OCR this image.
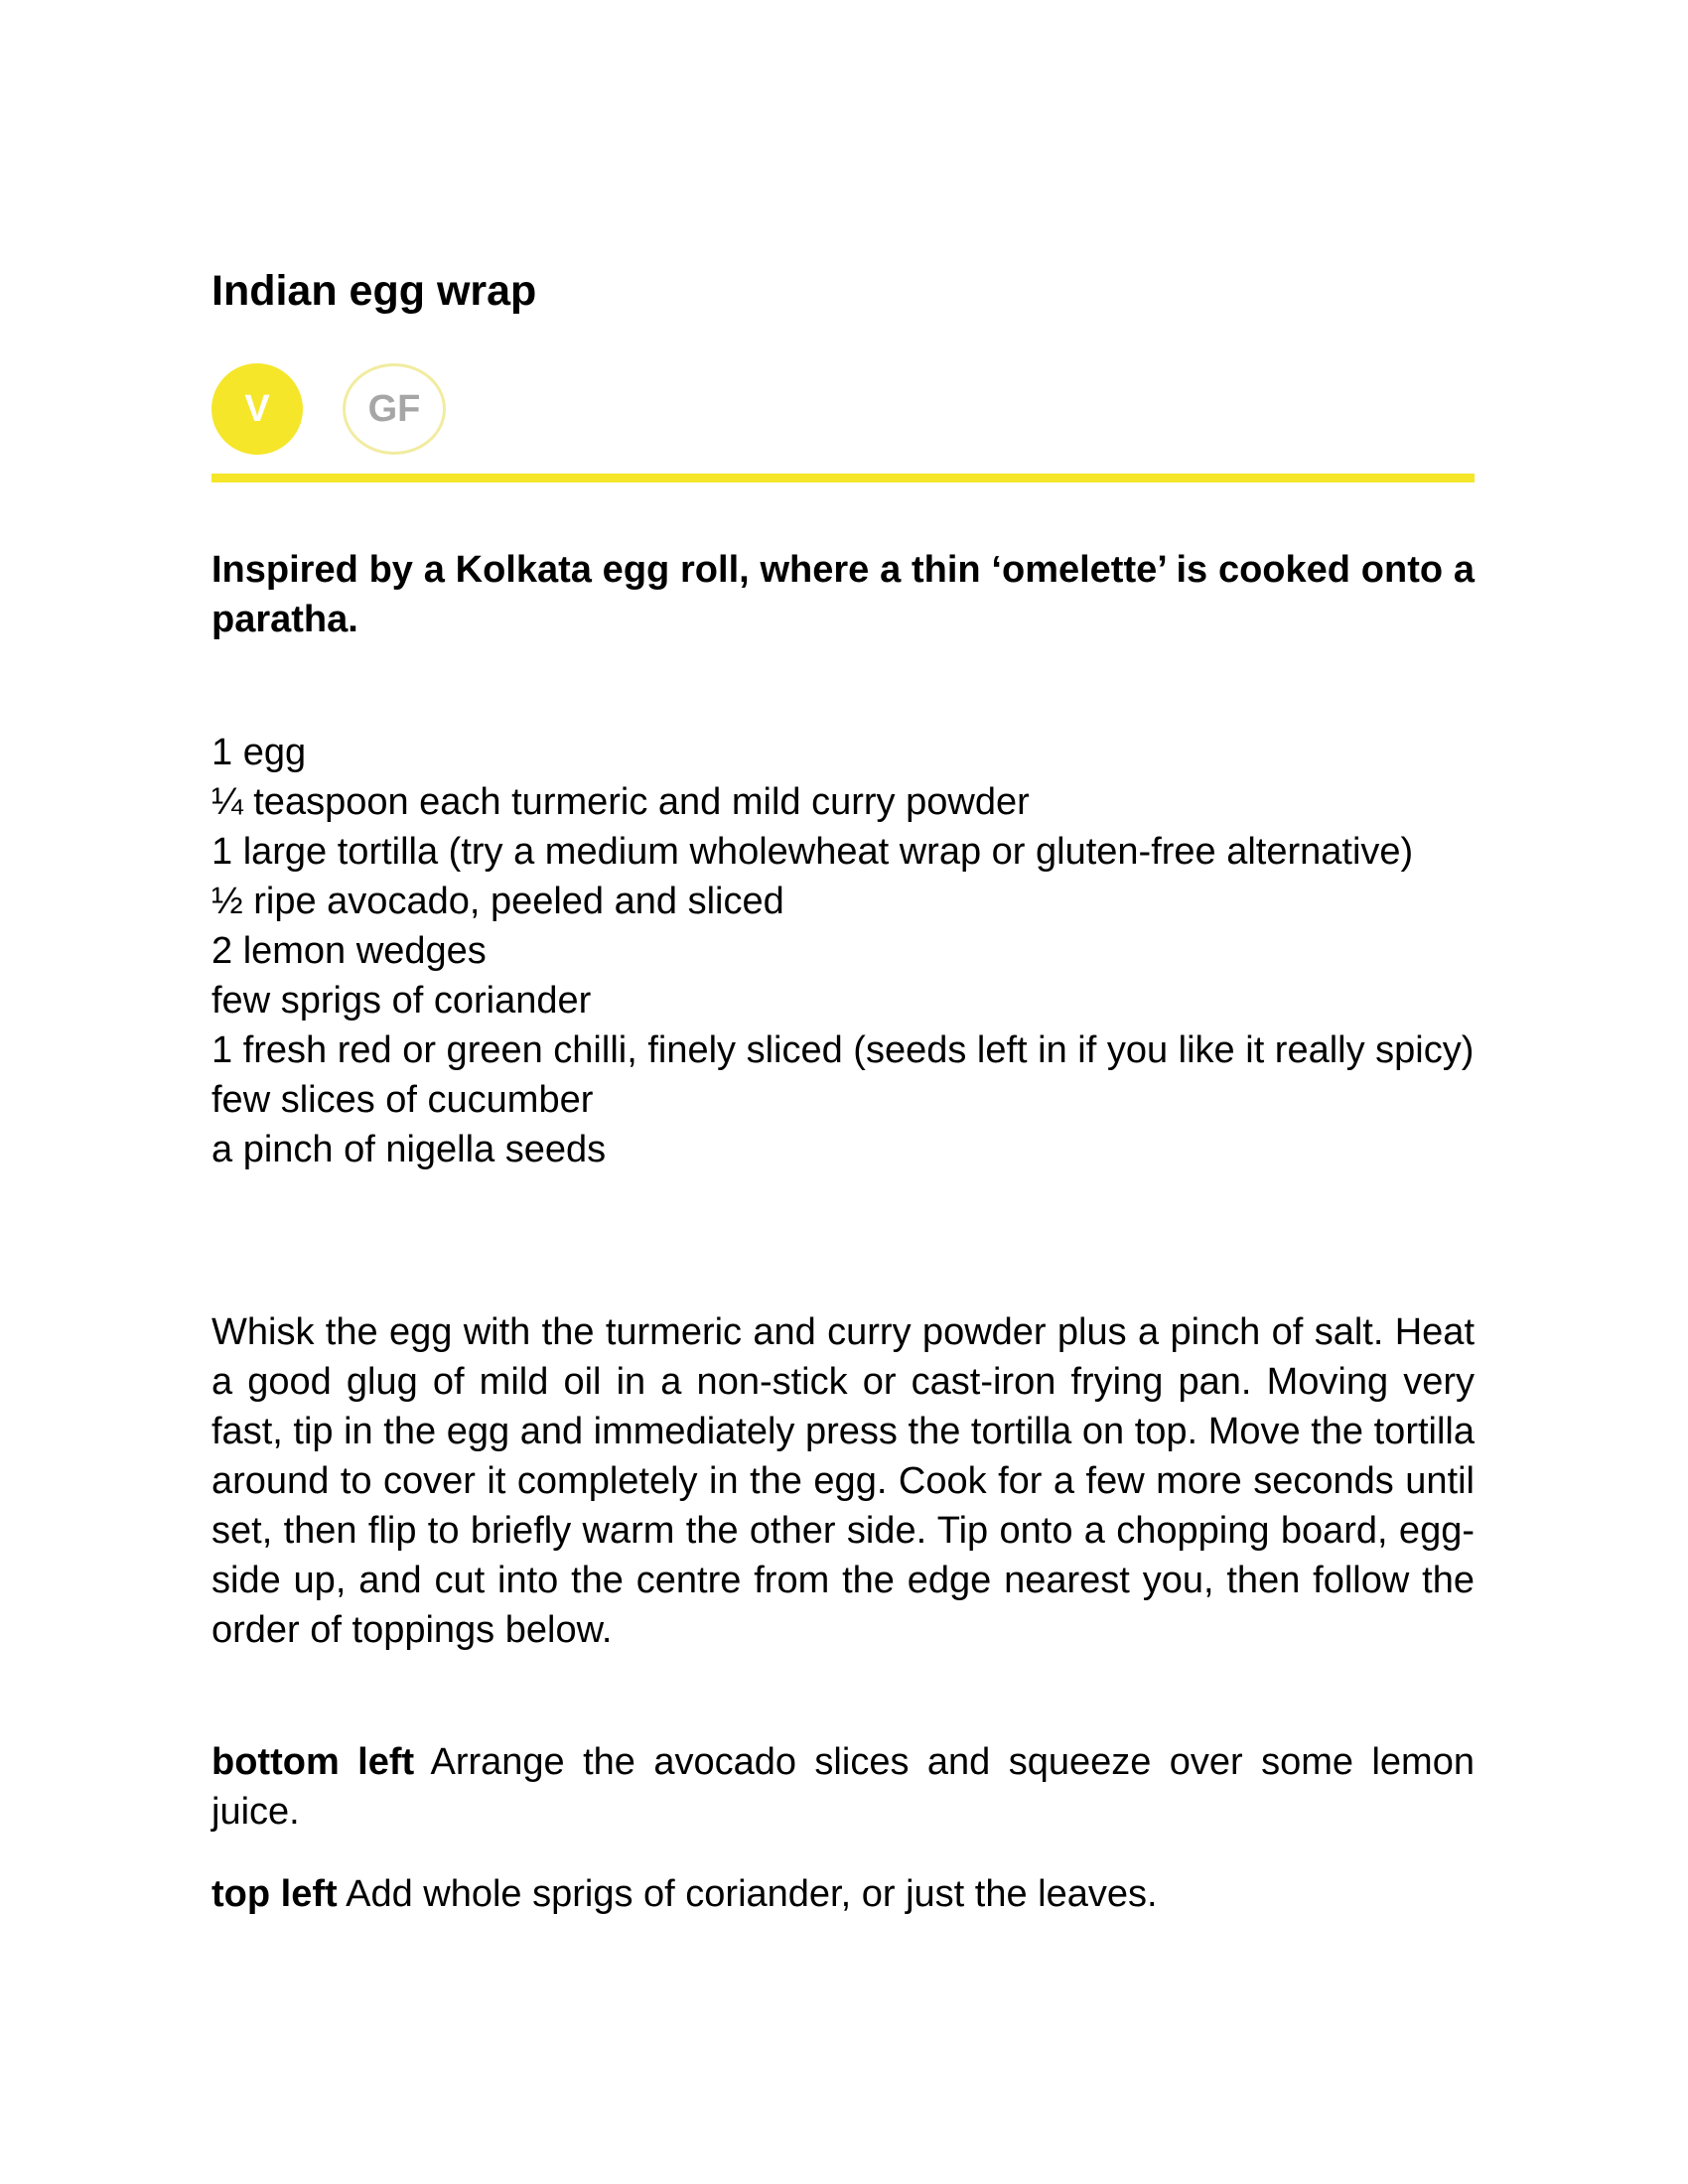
Indian egg wrap
V	GF

Inspired by a Kolkata egg roll, where a thin ‘omelette’ is cooked onto a paratha.

1 egg
¼ teaspoon each turmeric and mild curry powder
1 large tortilla (try a medium wholewheat wrap or gluten-free alternative)
½ ripe avocado, peeled and sliced
2 lemon wedges
few sprigs of coriander
1 fresh red or green chilli, finely sliced (seeds left in if you like it really spicy)
few slices of cucumber
a pinch of nigella seeds

Whisk the egg with the turmeric and curry powder plus a pinch of salt. Heat a good glug of mild oil in a non-stick or cast-iron frying pan. Moving very fast, tip in the egg and immediately press the tortilla on top. Move the tortilla around to cover it completely in the egg. Cook for a few more seconds until set, then flip to briefly warm the other side. Tip onto a chopping board, egg-side up, and cut into the centre from the edge nearest you, then follow the order of toppings below.

bottom left Arrange the avocado slices and squeeze over some lemon juice.

top left Add whole sprigs of coriander, or just the leaves.
